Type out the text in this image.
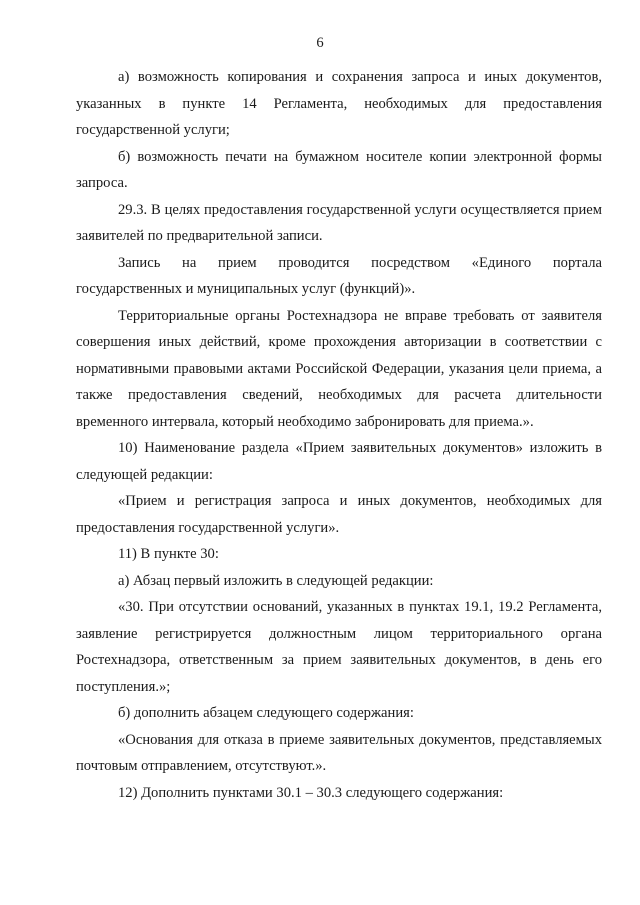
6

а) возможность копирования и сохранения запроса и иных документов, указанных в пункте 14 Регламента, необходимых для предоставления государственной услуги;

б) возможность печати на бумажном носителе копии электронной формы запроса.

29.3. В целях предоставления государственной услуги осуществляется прием заявителей по предварительной записи.

Запись на прием проводится посредством «Единого портала государственных и муниципальных услуг (функций)».

Территориальные органы Ростехнадзора не вправе требовать от заявителя совершения иных действий, кроме прохождения авторизации в соответствии с нормативными правовыми актами Российской Федерации, указания цели приема, а также предоставления сведений, необходимых для расчета длительности временного интервала, который необходимо забронировать для приема.».

10) Наименование раздела «Прием заявительных документов» изложить в следующей редакции:

«Прием и регистрация запроса и иных документов, необходимых для предоставления государственной услуги».

11) В пункте 30:

а) Абзац первый изложить в следующей редакции:

«30. При отсутствии оснований, указанных в пунктах 19.1, 19.2 Регламента, заявление регистрируется должностным лицом территориального органа Ростехнадзора, ответственным за прием заявительных документов, в день его поступления.»;

б) дополнить абзацем следующего содержания:

«Основания для отказа в приеме заявительных документов, представляемых почтовым отправлением, отсутствуют.».

12) Дополнить пунктами 30.1 – 30.3 следующего содержания:
